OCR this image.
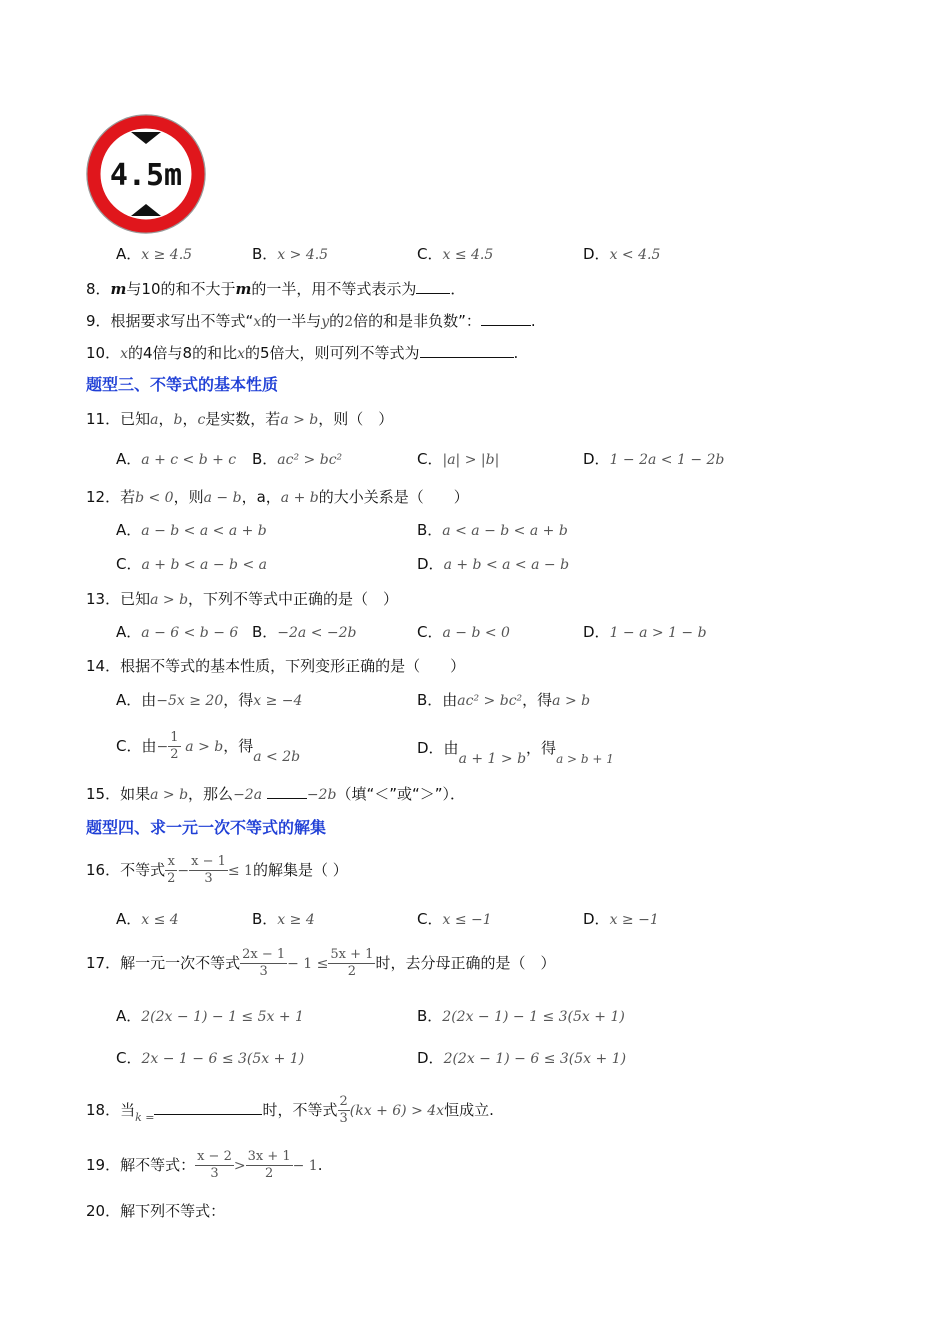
4.5m
A．x ≥ 4.5	B．x > 4.5	C．x ≤ 4.5	D．x < 4.5
8．m与10的和不大于m的一半，用不等式表示为 ．
9．根据要求写出不等式“x的一半与y的2倍的和是非负数”：	.
10．x的4倍与8的和比x的5倍大，则可列不等式为	.
题型三、不等式的基本性质
11．已知a，b，c是实数，若a > b，则（　）
A．a + c < b + c B．ac² > bc²	C．|a| > |b|	D．1 − 2a < 1 − 2b
12．若b < 0，则a − b，a，a + b的大小关系是（　　）
A．a − b < a < a + b	B．a < a − b < a + b
C．a + b < a − b < a	D．a + b < a < a − b
13．已知a > b，下列不等式中正确的是（　）
A．a − 6 < b − 6 B．−2a < −2b	C．a − b < 0	D．1 − a > 1 − b
14．根据不等式的基本性质，下列变形正确的是（　　）
A．由−5x ≥ 20，得x ≥ −4	B．由ac² > bc²，得a > b
C．由− $\frac{1}{2}$ a > b，得a < 2b	D．由a + 1 > b，得$_{a > b + 1}$
15．如果a > b，那么−2a	−2b（填“＜”或“＞”）．
题型四、求一元一次不等式的解集
16．不等式 $\frac{x}{2} - \frac{x - 1}{3} \le 1$的解集是（ ）
A．x ≤ 4	B．x ≥ 4	C．x ≤ −1	D．x ≥ −1
17．解一元一次不等式 $\frac{2x - 1}{3} - 1 \le \frac{5x + 1}{2}$ 时，去分母正确的是（　）
A．2(2x − 1) − 1 ≤ 5x + 1	B．2(2x − 1) − 1 ≤ 3(5x + 1)
C．2x − 1 − 6 ≤ 3(5x + 1)	D．2(2x − 1) − 6 ≤ 3(5x + 1)
18．当$_{k =}$	时，不等式 $\frac{2}{3} (kx + 6) > 4x$恒成立.
19．解不等式： $\frac{x - 2}{3} > \frac{3x + 1}{2} - 1$.
20．解下列不等式：
